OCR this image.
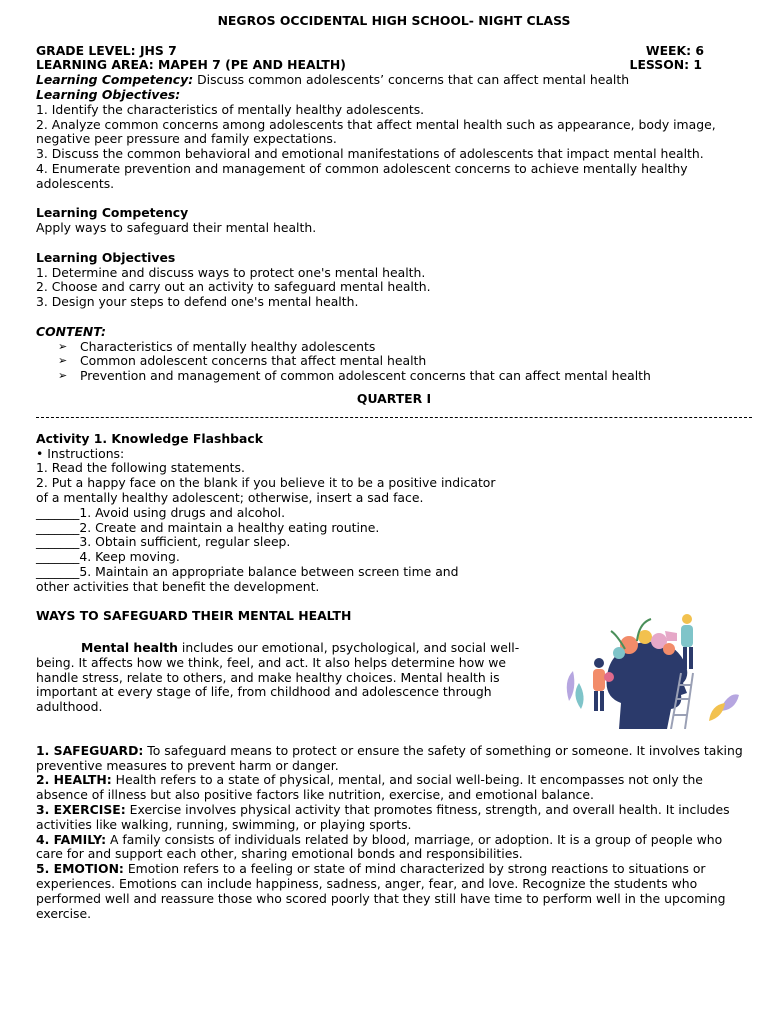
NEGROS OCCIDENTAL HIGH SCHOOL- NIGHT CLASS
GRADE LEVEL: JHS 7	WEEK: 6
LEARNING AREA: MAPEH 7 (PE AND HEALTH)	LESSON: 1
Learning Competency: Discuss common adolescents’ concerns that can affect mental health
Learning Objectives:
1. Identify the characteristics of mentally healthy adolescents.
2. Analyze common concerns among adolescents that affect mental health such as appearance, body image,
negative peer pressure and family expectations.
3. Discuss the common behavioral and emotional manifestations of adolescents that impact mental health.
4. Enumerate prevention and management of common adolescent concerns to achieve mentally healthy adolescents.
Learning Competency
Apply ways to safeguard their mental health.
Learning Objectives
1. Determine and discuss ways to protect one's mental health.
2. Choose and carry out an activity to safeguard mental health.
3. Design your steps to defend one's mental health.
CONTENT:
➢ Characteristics of mentally healthy adolescents
➢ Common adolescent concerns that affect mental health
➢ Prevention and management of common adolescent concerns that can affect mental health
QUARTER I
Activity 1. Knowledge Flashback
• Instructions:
1. Read the following statements.
2. Put a happy face on the blank if you believe it to be a positive indicator
of a mentally healthy adolescent; otherwise, insert a sad face.
_______1. Avoid using drugs and alcohol.
_______2. Create and maintain a healthy eating routine.
_______3. Obtain sufficient, regular sleep.
_______4. Keep moving.
_______5. Maintain an appropriate balance between screen time and
other activities that benefit the development.
WAYS TO SAFEGUARD THEIR MENTAL HEALTH
Mental health includes our emotional, psychological, and social well-being. It affects how we think, feel, and act. It also helps determine how we handle stress, relate to others, and make healthy choices. Mental health is important at every stage of life, from childhood and adolescence through adulthood.
1. SAFEGUARD: To safeguard means to protect or ensure the safety of something or someone. It involves taking preventive measures to prevent harm or danger.
2. HEALTH: Health refers to a state of physical, mental, and social well-being. It encompasses not only the absence of illness but also positive factors like nutrition, exercise, and emotional balance.
3. EXERCISE: Exercise involves physical activity that promotes fitness, strength, and overall health. It includes activities like walking, running, swimming, or playing sports.
4. FAMILY: A family consists of individuals related by blood, marriage, or adoption. It is a group of people who care for and support each other, sharing emotional bonds and responsibilities.
5. EMOTION: Emotion refers to a feeling or state of mind characterized by strong reactions to situations or experiences. Emotions can include happiness, sadness, anger, fear, and love. Recognize the students who performed well and reassure those who scored poorly that they still have time to perform well in the upcoming exercise.
